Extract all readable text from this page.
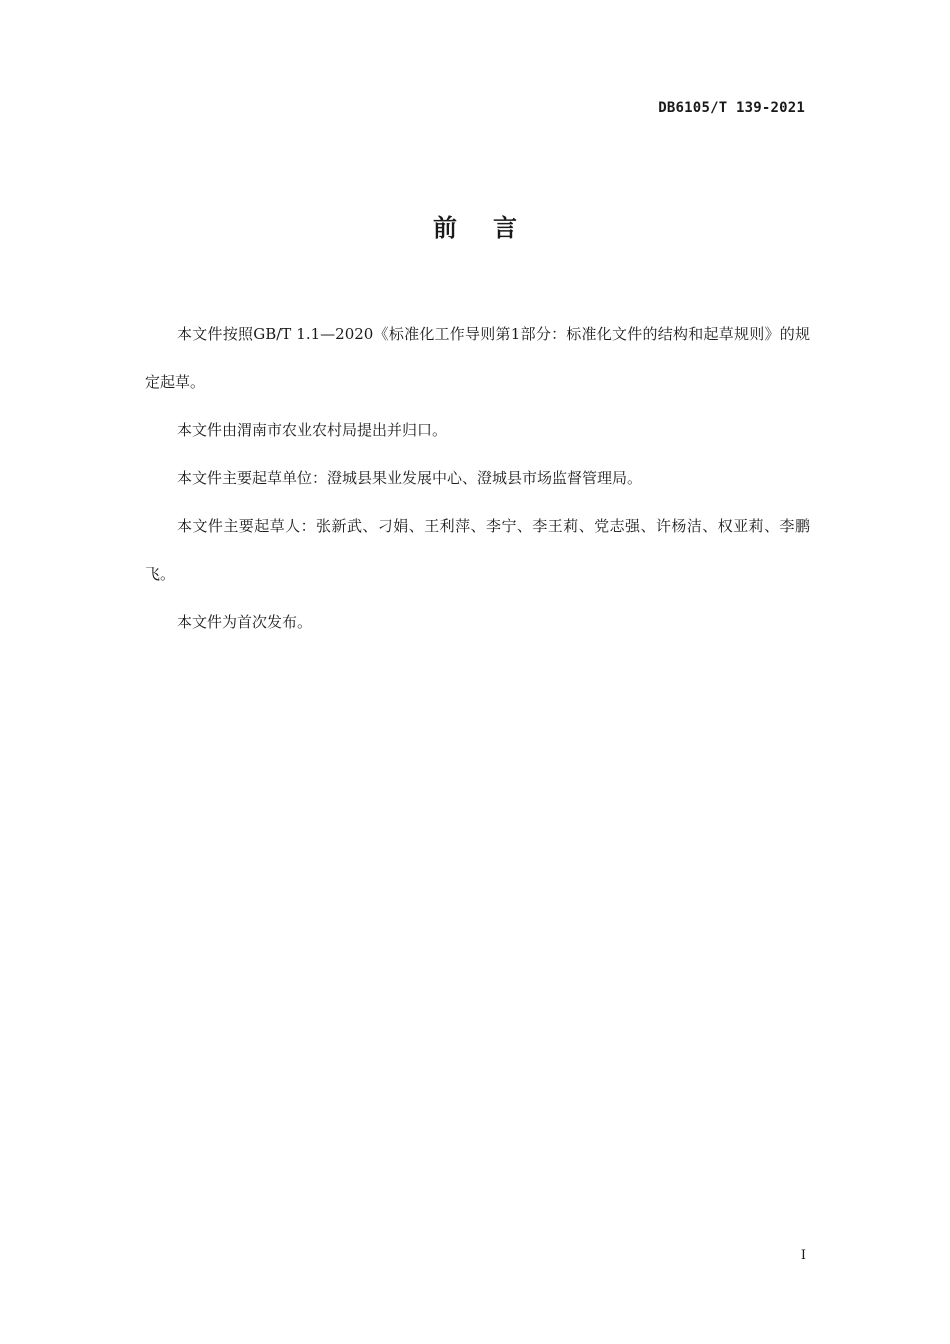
DB6105/T 139-2021
前言

本文件按照GB/T 1.1—2020《标准化工作导则第1部分：标准化文件的结构和起草规则》的规定起草。

本文件由渭南市农业农村局提出并归口。

本文件主要起草单位：澄城县果业发展中心、澄城县市场监督管理局。

本文件主要起草人：张新武、刁娟、王利萍、李宁、李王莉、党志强、许杨洁、权亚莉、李鹏飞。

本文件为首次发布。

I
